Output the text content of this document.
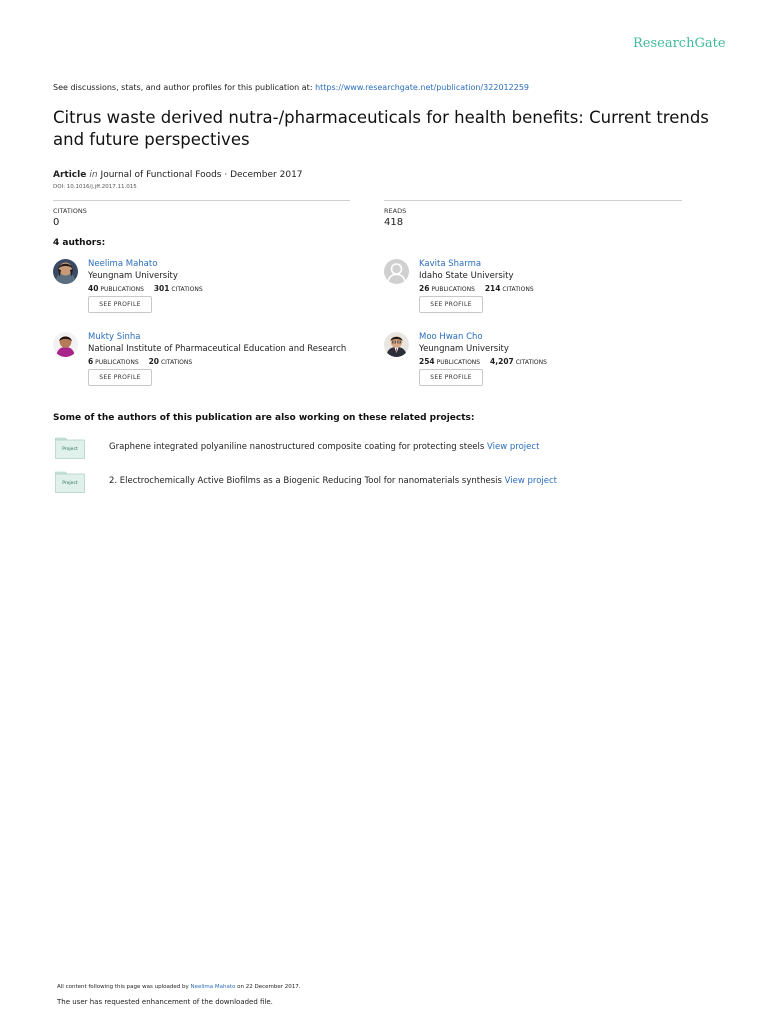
ResearchGate
See discussions, stats, and author profiles for this publication at: https://www.researchgate.net/publication/322012259
Citrus waste derived nutra-/pharmaceuticals for health benefits: Current trends and future perspectives
Article in Journal of Functional Foods · December 2017
DOI: 10.1016/j.jff.2017.11.015
CITATIONS
0
READS
418
4 authors:
Neelima Mahato
Yeungnam University
40 PUBLICATIONS 301 CITATIONS
SEE PROFILE
Kavita Sharma
Idaho State University
26 PUBLICATIONS 214 CITATIONS
SEE PROFILE
Mukty Sinha
National Institute of Pharmaceutical Education and Research
6 PUBLICATIONS 20 CITATIONS
SEE PROFILE
Moo Hwan Cho
Yeungnam University
254 PUBLICATIONS 4,207 CITATIONS
SEE PROFILE
Some of the authors of this publication are also working on these related projects:
Project	Graphene integrated polyaniline nanostructured composite coating for protecting steels View project
Project	2. Electrochemically Active Biofilms as a Biogenic Reducing Tool for nanomaterials synthesis View project
All content following this page was uploaded by Neelima Mahato on 22 December 2017.
The user has requested enhancement of the downloaded file.
